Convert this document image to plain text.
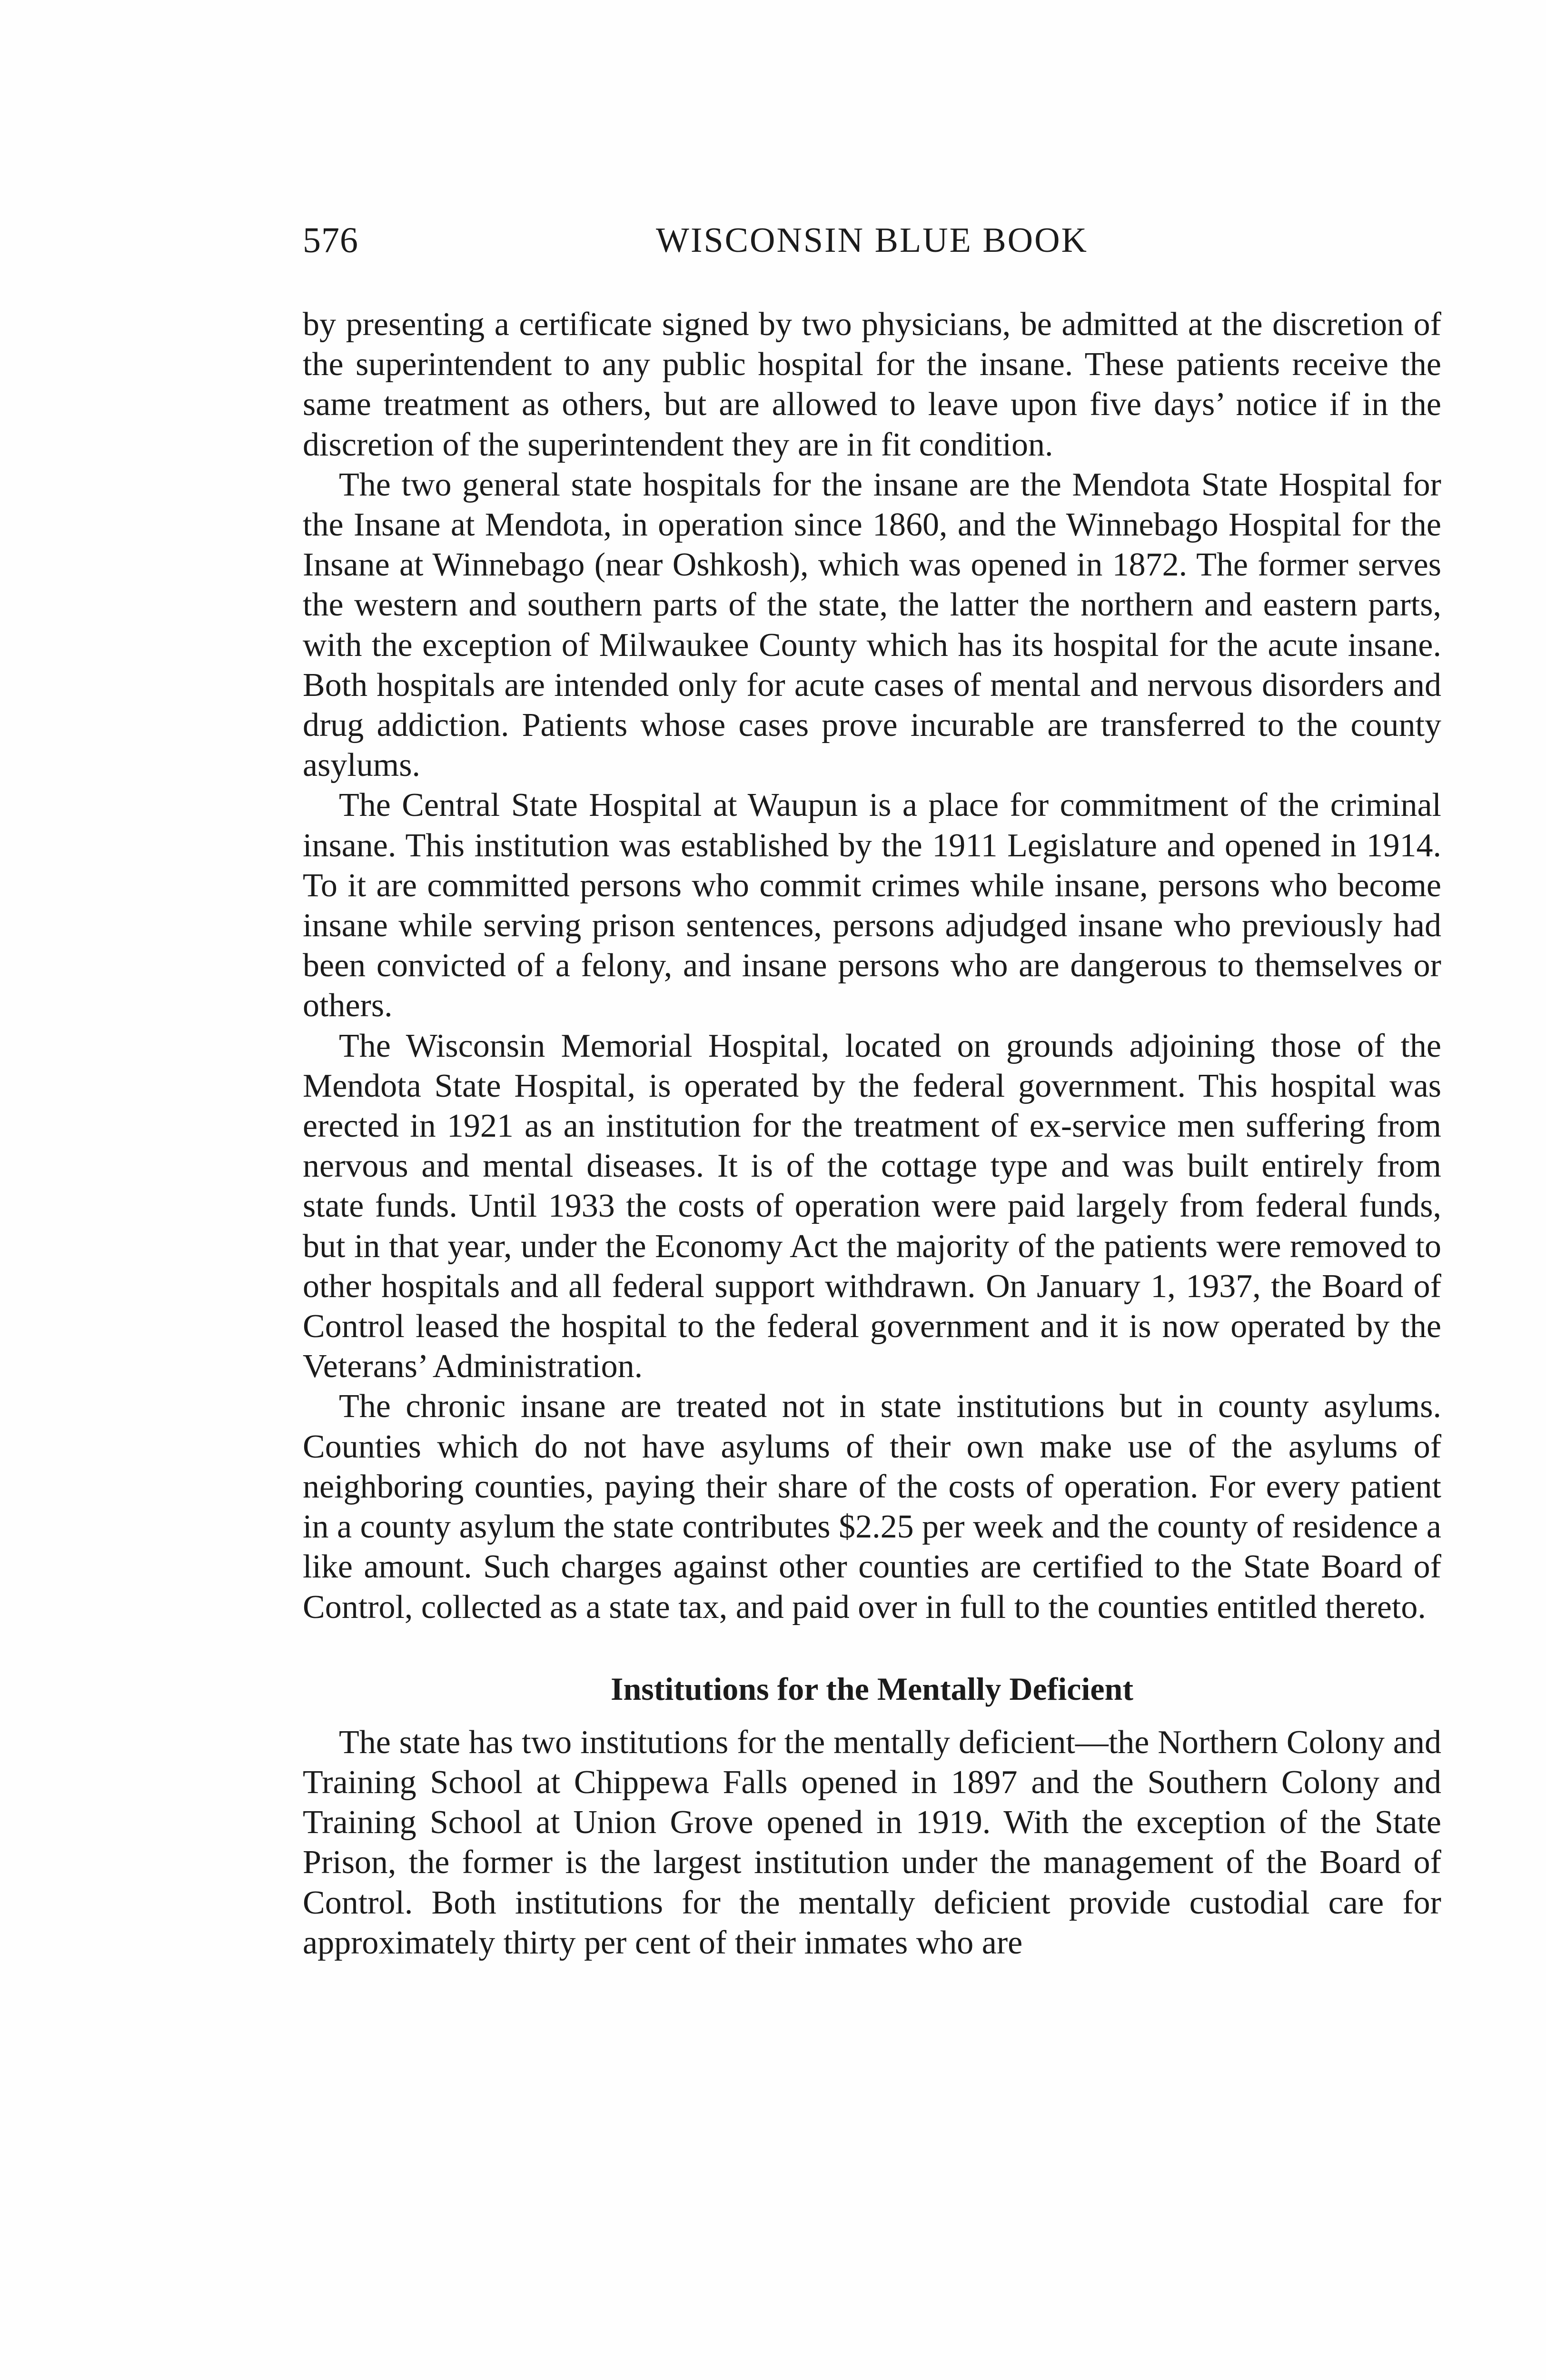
576	WISCONSIN BLUE BOOK

by presenting a certificate signed by two physicians, be admitted at the discretion of the superintendent to any public hospital for the insane. These patients receive the same treatment as others, but are allowed to leave upon five days’ notice if in the discretion of the superintendent they are in fit condition.

The two general state hospitals for the insane are the Mendota State Hospital for the Insane at Mendota, in operation since 1860, and the Winnebago Hospital for the Insane at Winnebago (near Oshkosh), which was opened in 1872. The former serves the western and southern parts of the state, the latter the northern and eastern parts, with the exception of Milwaukee County which has its hospital for the acute insane. Both hospitals are intended only for acute cases of mental and nervous disorders and drug addiction. Patients whose cases prove incurable are transferred to the county asylums.

The Central State Hospital at Waupun is a place for commitment of the criminal insane. This institution was established by the 1911 Legislature and opened in 1914. To it are committed persons who commit crimes while insane, persons who become insane while serving prison sentences, persons adjudged insane who previously had been convicted of a felony, and insane persons who are dangerous to themselves or others.

The Wisconsin Memorial Hospital, located on grounds adjoining those of the Mendota State Hospital, is operated by the federal government. This hospital was erected in 1921 as an institution for the treatment of ex-service men suffering from nervous and mental diseases. It is of the cottage type and was built entirely from state funds. Until 1933 the costs of operation were paid largely from federal funds, but in that year, under the Economy Act the majority of the patients were removed to other hospitals and all federal support withdrawn. On January 1, 1937, the Board of Control leased the hospital to the federal government and it is now operated by the Veterans’ Administration.

The chronic insane are treated not in state institutions but in county asylums. Counties which do not have asylums of their own make use of the asylums of neighboring counties, paying their share of the costs of operation. For every patient in a county asylum the state contributes $2.25 per week and the county of residence a like amount. Such charges against other counties are certified to the State Board of Control, collected as a state tax, and paid over in full to the counties entitled thereto.

Institutions for the Mentally Deficient

The state has two institutions for the mentally deficient—the Northern Colony and Training School at Chippewa Falls opened in 1897 and the Southern Colony and Training School at Union Grove opened in 1919. With the exception of the State Prison, the former is the largest institution under the management of the Board of Control. Both institutions for the mentally deficient provide custodial care for approximately thirty per cent of their inmates who are
